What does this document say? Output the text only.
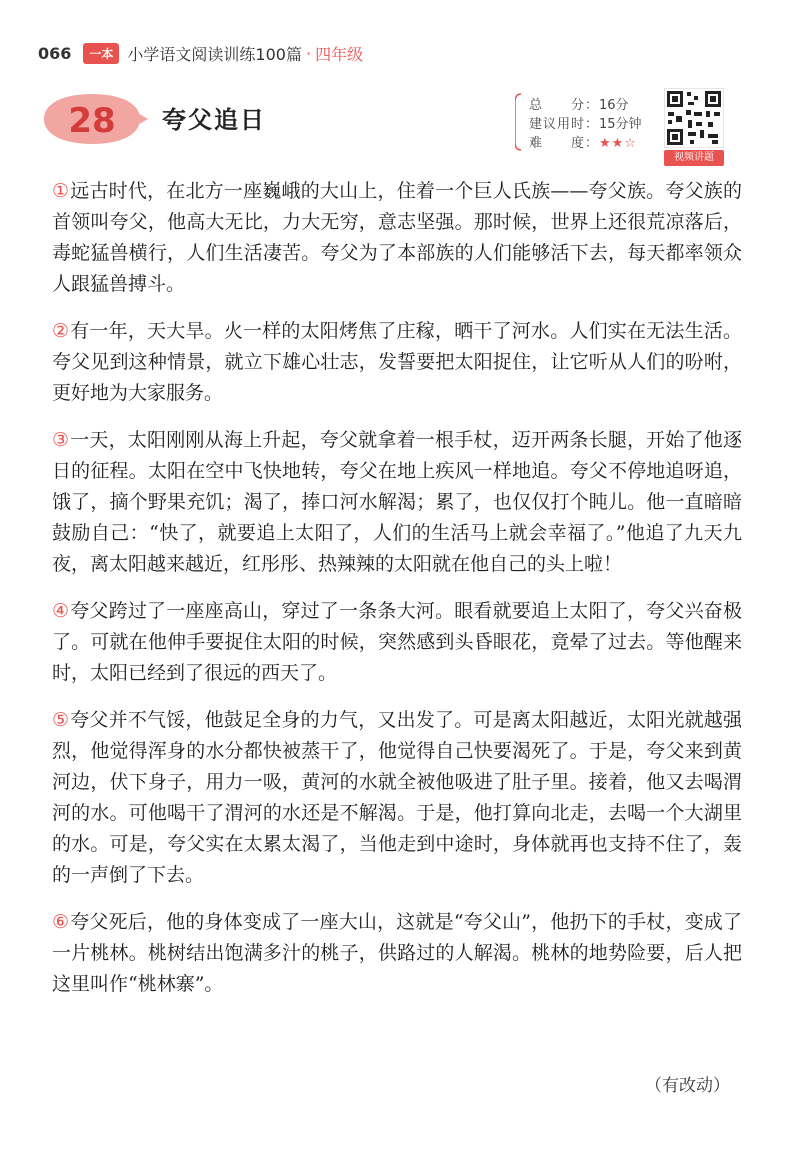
066	一本 小学语文阅读训练100篇 · 四年级
28 夸父追日
总　　分：16分
建议用时：15分钟
难　　度：★★☆
视频讲题

①远古时代，在北方一座巍峨的大山上，住着一个巨人氏族——夸父族。夸父族的首领叫夸父，他高大无比，力大无穷，意志坚强。那时候，世界上还很荒凉落后，毒蛇猛兽横行，人们生活凄苦。夸父为了本部族的人们能够活下去，每天都率领众人跟猛兽搏斗。

②有一年，天大旱。火一样的太阳烤焦了庄稼，晒干了河水。人们实在无法生活。夸父见到这种情景，就立下雄心壮志，发誓要把太阳捉住，让它听从人们的吩咐，更好地为大家服务。

③一天，太阳刚刚从海上升起，夸父就拿着一根手杖，迈开两条长腿，开始了他逐日的征程。太阳在空中飞快地转，夸父在地上疾风一样地追。夸父不停地追呀追，饿了，摘个野果充饥；渴了，捧口河水解渴；累了，也仅仅打个盹儿。他一直暗暗鼓励自己：“快了，就要追上太阳了，人们的生活马上就会幸福了。”他追了九天九夜，离太阳越来越近，红彤彤、热辣辣的太阳就在他自己的头上啦！

④夸父跨过了一座座高山，穿过了一条条大河。眼看就要追上太阳了，夸父兴奋极了。可就在他伸手要捉住太阳的时候，突然感到头昏眼花，竟晕了过去。等他醒来时，太阳已经到了很远的西天了。

⑤夸父并不气馁，他鼓足全身的力气，又出发了。可是离太阳越近，太阳光就越强烈，他觉得浑身的水分都快被蒸干了，他觉得自己快要渴死了。于是，夸父来到黄河边，伏下身子，用力一吸，黄河的水就全被他吸进了肚子里。接着，他又去喝渭河的水。可他喝干了渭河的水还是不解渴。于是，他打算向北走，去喝一个大湖里的水。可是，夸父实在太累太渴了，当他走到中途时，身体就再也支持不住了，轰的一声倒了下去。

⑥夸父死后，他的身体变成了一座大山，这就是“夸父山”，他扔下的手杖，变成了一片桃林。桃树结出饱满多汁的桃子，供路过的人解渴。桃林的地势险要，后人把这里叫作“桃林寨”。

（有改动）
